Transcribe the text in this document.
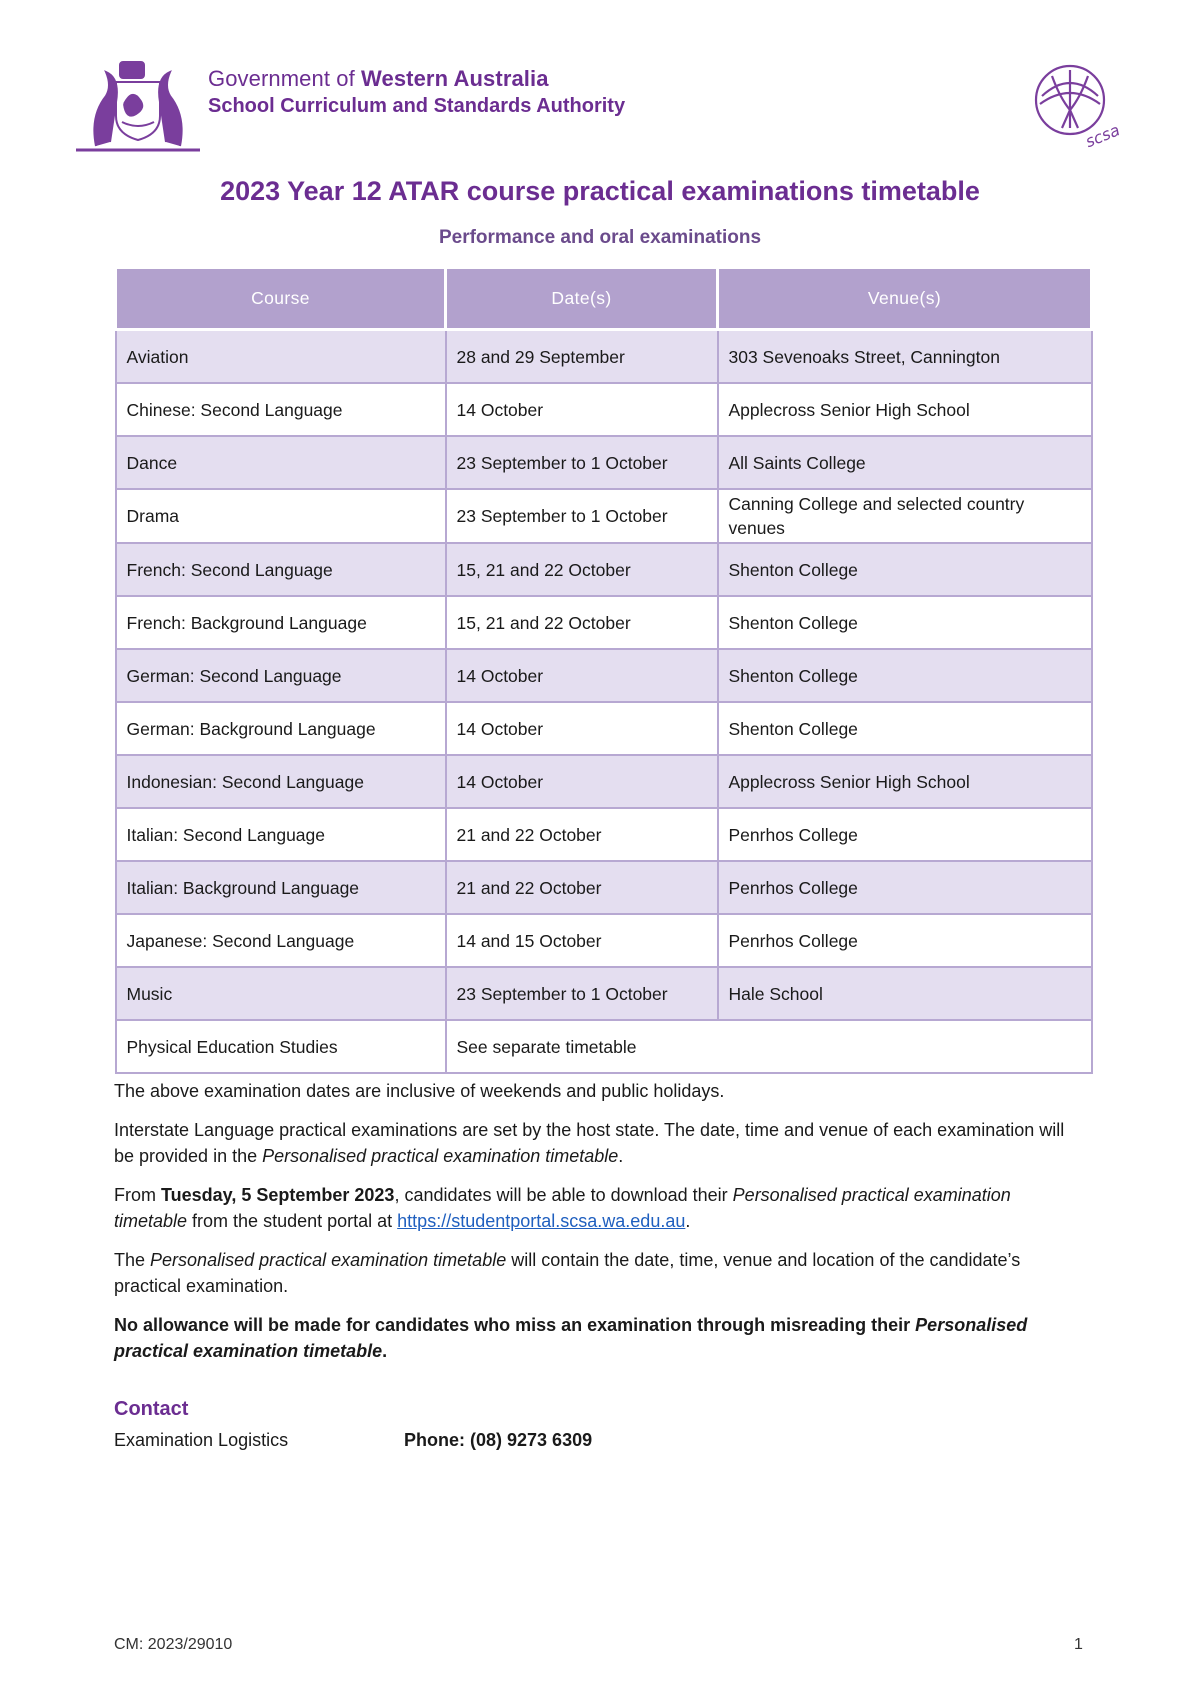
Government of Western Australia
School Curriculum and Standards Authority
scsa
2023 Year 12 ATAR course practical examinations timetable
Performance and oral examinations
Course	Date(s)	Venue(s)
Aviation	28 and 29 September	303 Sevenoaks Street, Cannington
Chinese: Second Language	14 October	Applecross Senior High School
Dance	23 September to 1 October	All Saints College
Drama	23 September to 1 October	Canning College and selected country venues
French: Second Language	15, 21 and 22 October	Shenton College
French: Background Language	15, 21 and 22 October	Shenton College
German: Second Language	14 October	Shenton College
German: Background Language	14 October	Shenton College
Indonesian: Second Language	14 October	Applecross Senior High School
Italian: Second Language	21 and 22 October	Penrhos College
Italian: Background Language	21 and 22 October	Penrhos College
Japanese: Second Language	14 and 15 October	Penrhos College
Music	23 September to 1 October	Hale School
Physical Education Studies	See separate timetable	

The above examination dates are inclusive of weekends and public holidays.

Interstate Language practical examinations are set by the host state. The date, time and venue of each examination will be provided in the Personalised practical examination timetable.

From Tuesday, 5 September 2023, candidates will be able to download their Personalised practical examination timetable from the student portal at https://studentportal.scsa.wa.edu.au.

The Personalised practical examination timetable will contain the date, time, venue and location of the candidate’s practical examination.

No allowance will be made for candidates who miss an examination through misreading their Personalised practical examination timetable.

Contact
Examination Logistics	Phone: (08) 9273 6309
CM: 2023/29010	1
